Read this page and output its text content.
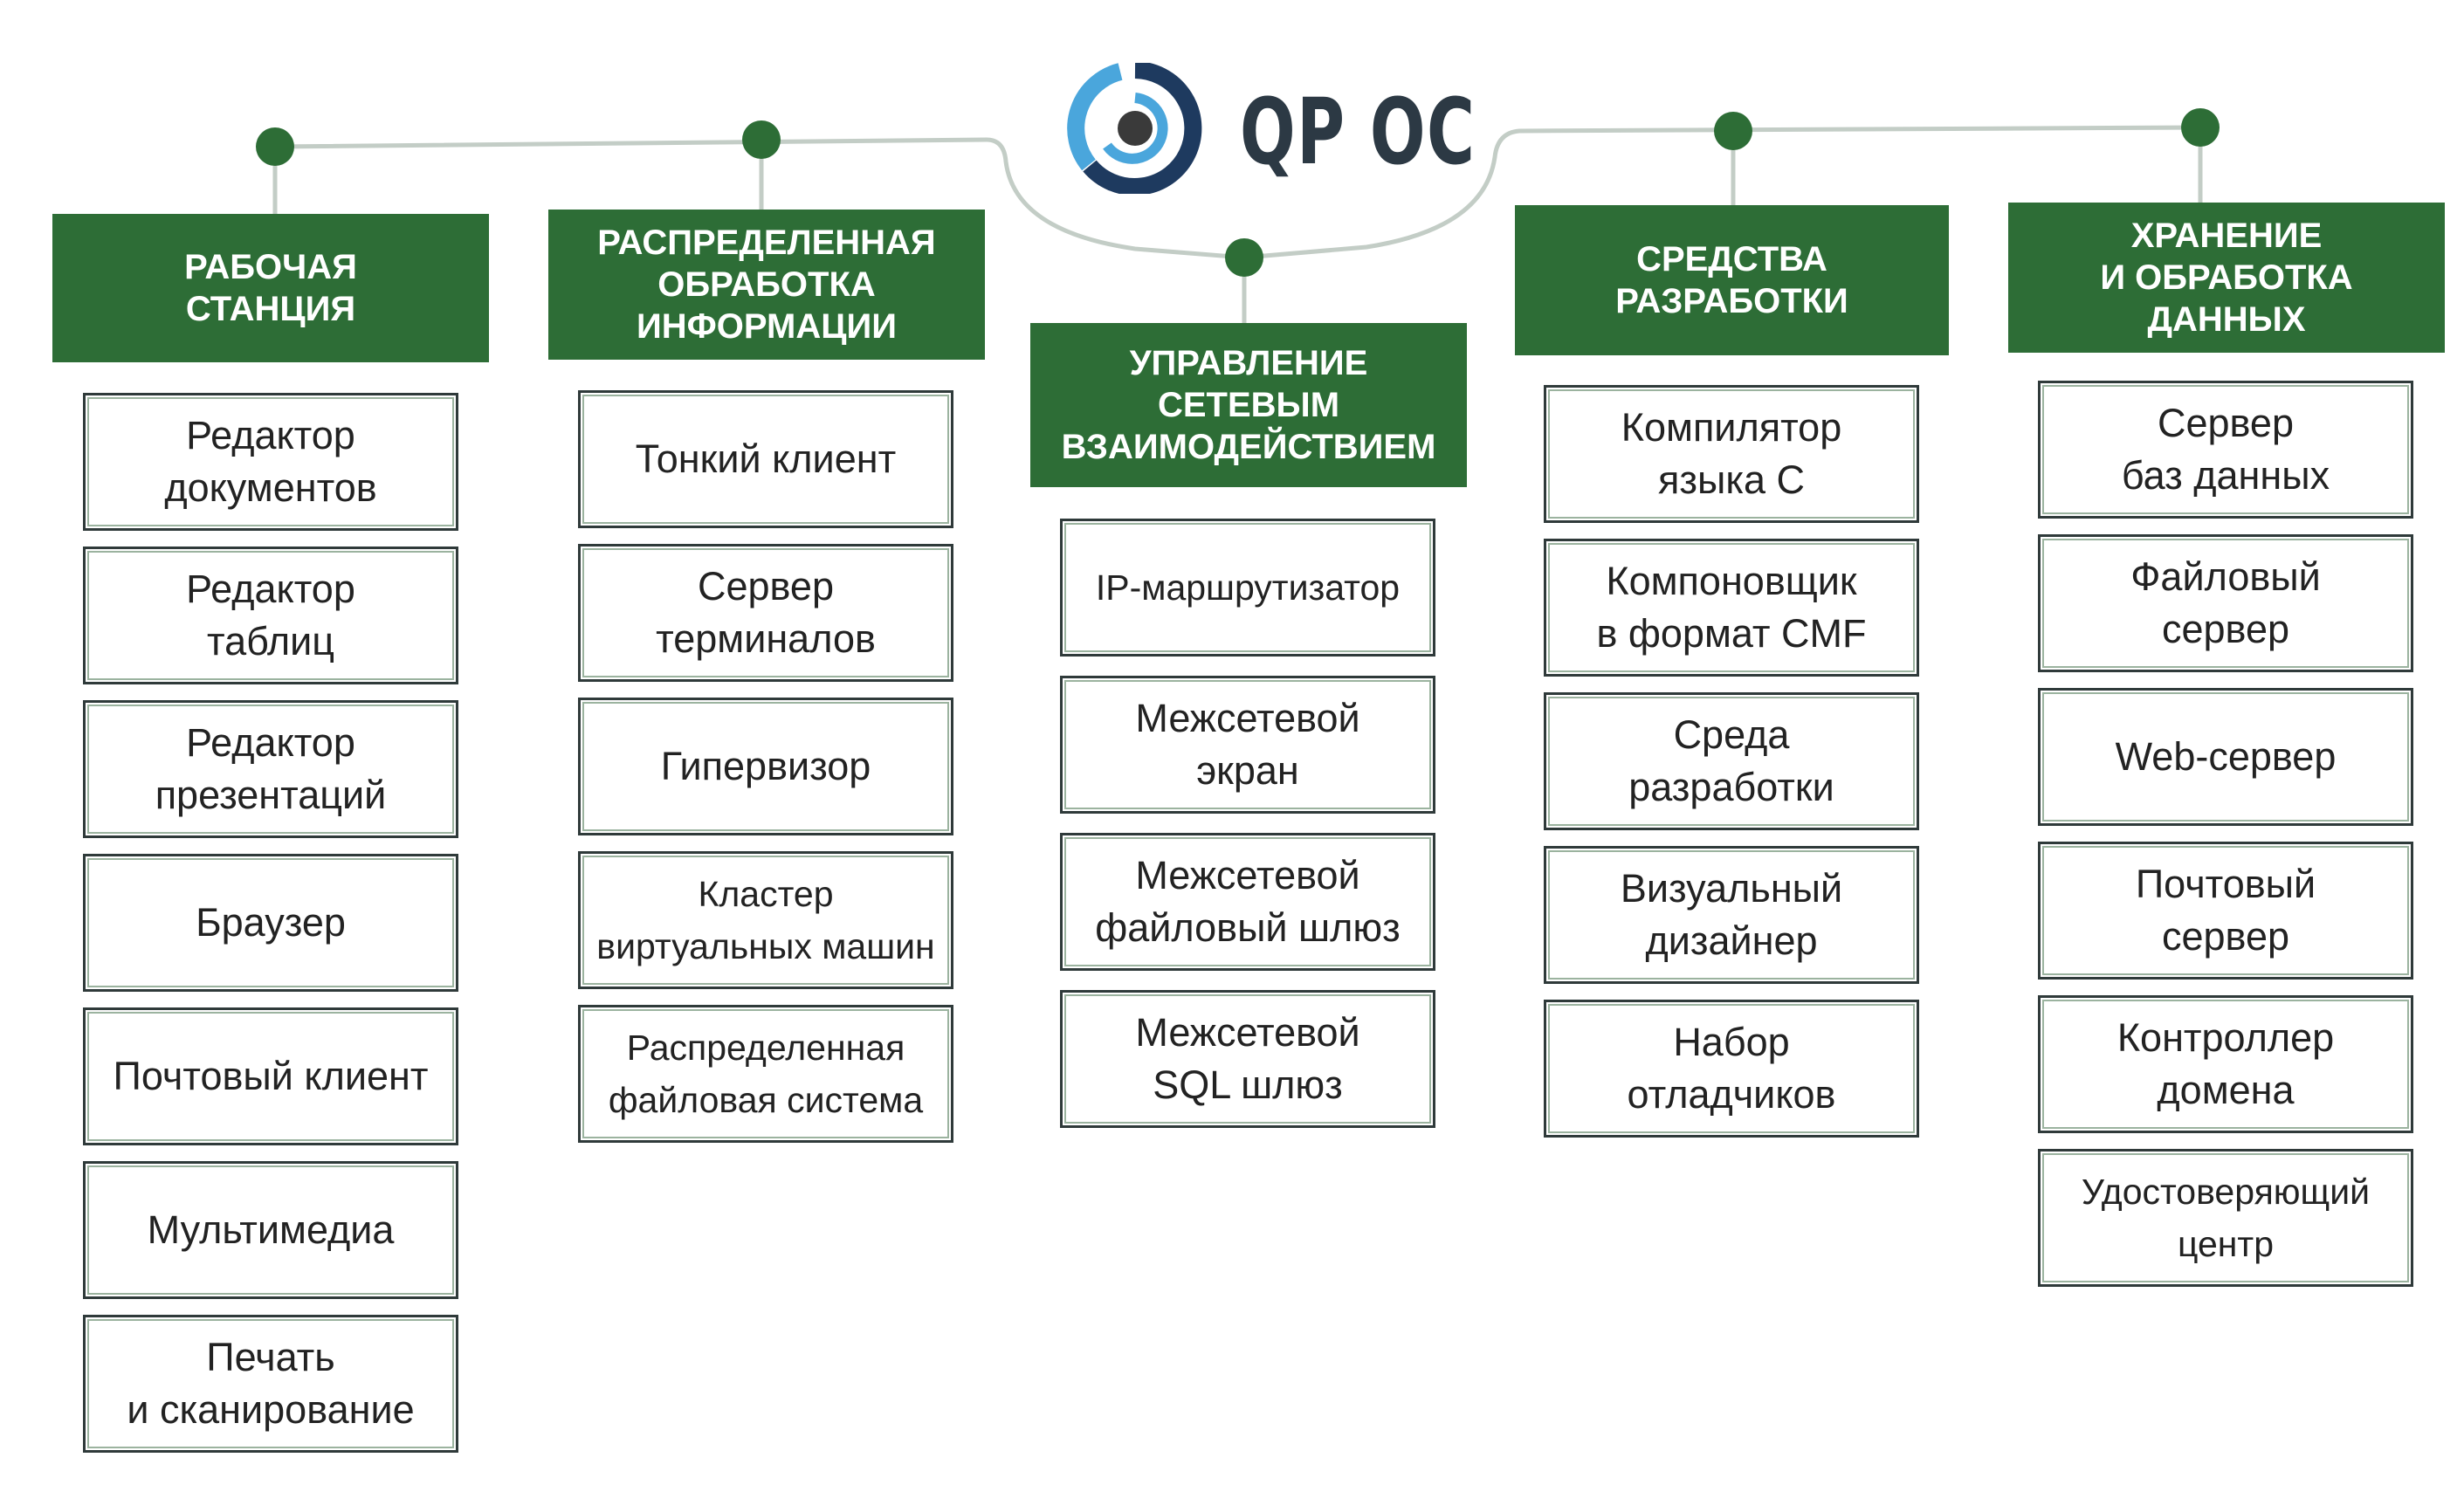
QP OC
РАБОЧАЯ
СТАНЦИЯ
Редактор
документов
Редактор
таблиц
Редактор
презентаций
Браузер
Почтовый клиент
Мультимедиа
Печать
и сканирование
РАСПРЕДЕЛЕННАЯ
ОБРАБОТКА
ИНФОРМАЦИИ
Тонкий клиент
Сервер
терминалов
Гипервизор
Кластер
виртуальных машин
Распределенная
файловая система
УПРАВЛЕНИЕ
СЕТЕВЫМ
ВЗАИМОДЕЙСТВИЕМ
IP-маршрутизатор
Межсетевой
экран
Межсетевой
файловый шлюз
Межсетевой
SQL шлюз
СРЕДСТВА
РАЗРАБОТКИ
Компилятор
языка С
Компоновщик
в формат CMF
Среда
разработки
Визуальный
дизайнер
Набор
отладчиков
ХРАНЕНИЕ
И ОБРАБОТКА
ДАННЫХ
Сервер
баз данных
Файловый
сервер
Web-сервер
Почтовый
сервер
Контроллер
домена
Удостоверяющий
центр
